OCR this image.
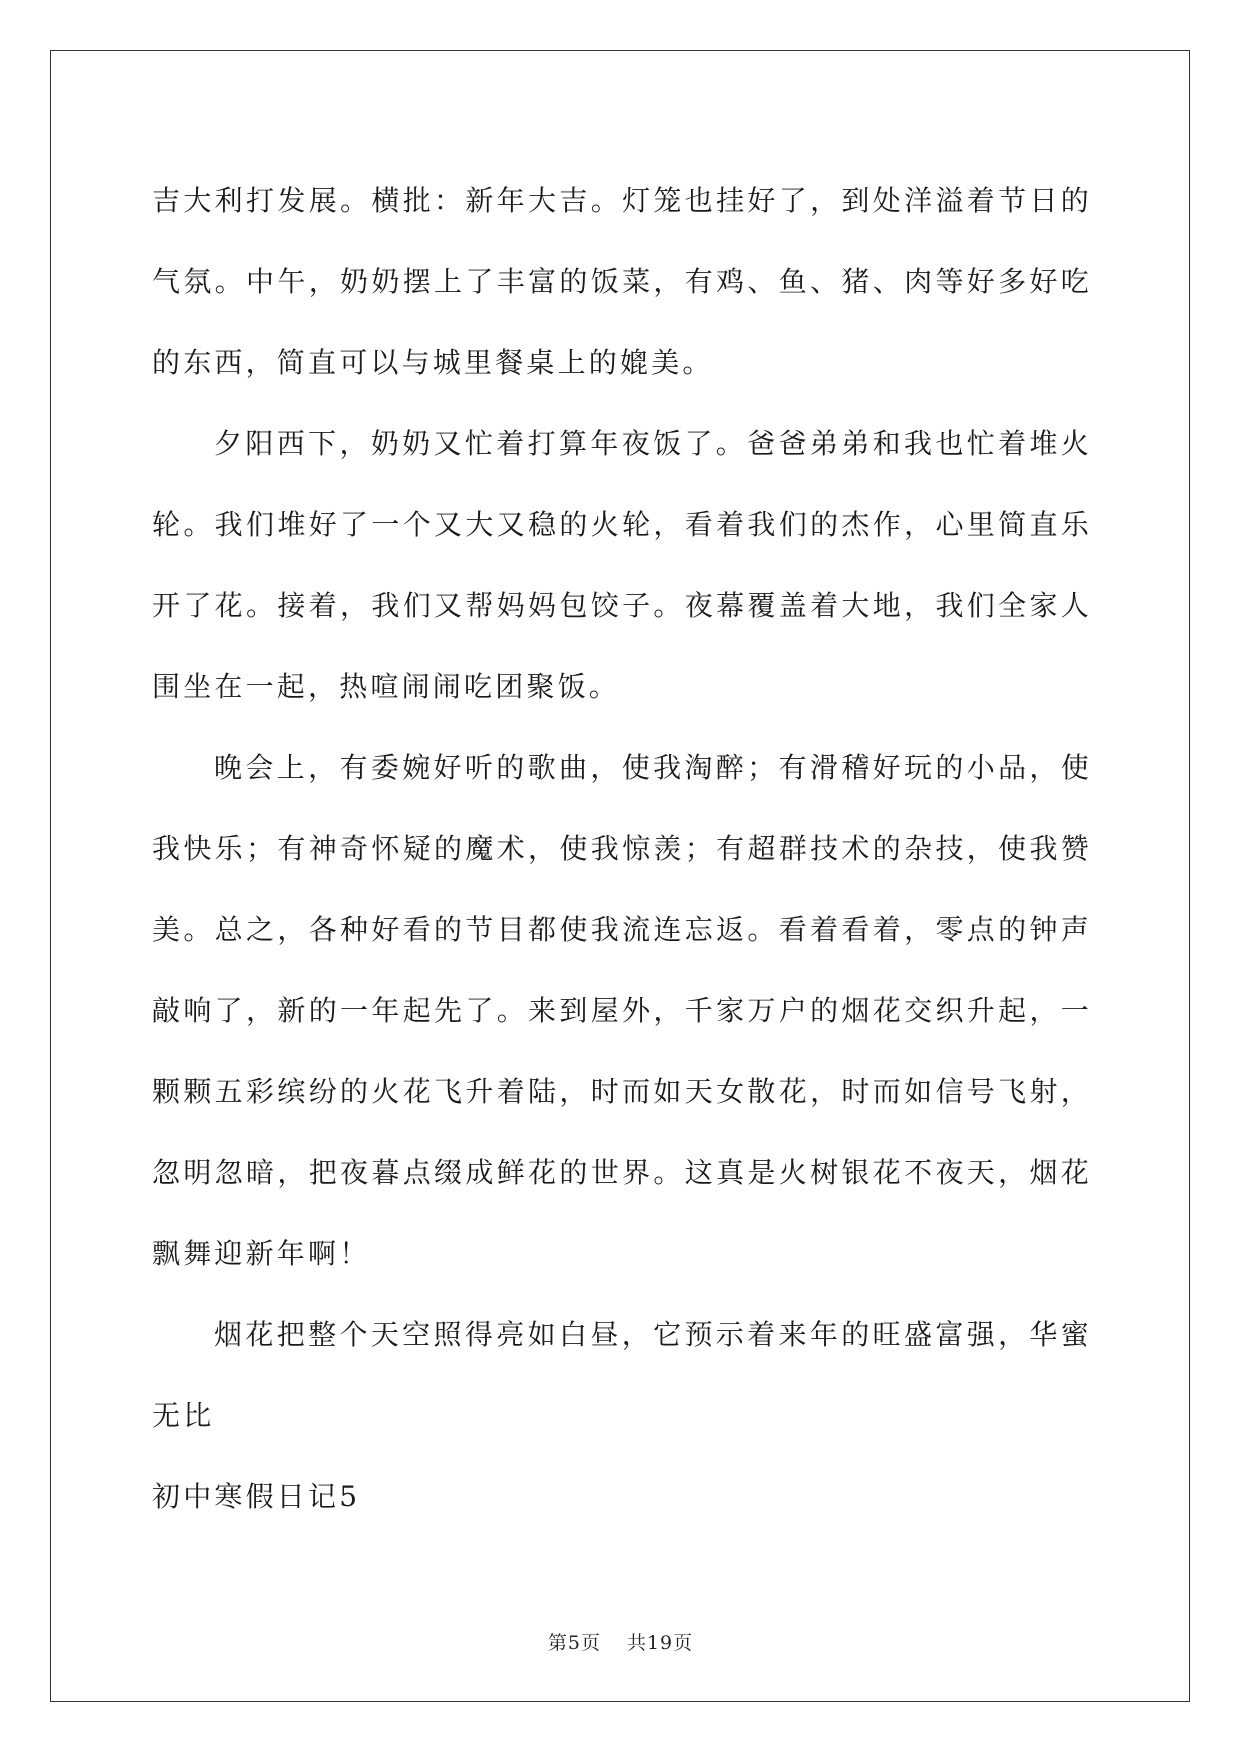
吉大利打发展。横批：新年大吉。灯笼也挂好了，到处洋溢着节日的
气氛。中午，奶奶摆上了丰富的饭菜，有鸡、鱼、猪、肉等好多好吃
的东西，简直可以与城里餐桌上的媲美。
夕阳西下，奶奶又忙着打算年夜饭了。爸爸弟弟和我也忙着堆火
轮。我们堆好了一个又大又稳的火轮，看着我们的杰作，心里简直乐
开了花。接着，我们又帮妈妈包饺子。夜幕覆盖着大地，我们全家人
围坐在一起，热喧闹闹吃团聚饭。
晚会上，有委婉好听的歌曲，使我淘醉；有滑稽好玩的小品，使
我快乐；有神奇怀疑的魔术，使我惊羡；有超群技术的杂技，使我赞
美。总之，各种好看的节目都使我流连忘返。看着看着，零点的钟声
敲响了，新的一年起先了。来到屋外，千家万户的烟花交织升起，一
颗颗五彩缤纷的火花飞升着陆，时而如天女散花，时而如信号飞射，
忽明忽暗，把夜暮点缀成鲜花的世界。这真是火树银花不夜天，烟花
飘舞迎新年啊！
烟花把整个天空照得亮如白昼，它预示着来年的旺盛富强，华蜜
无比
初中寒假日记5
第5页 共19页
